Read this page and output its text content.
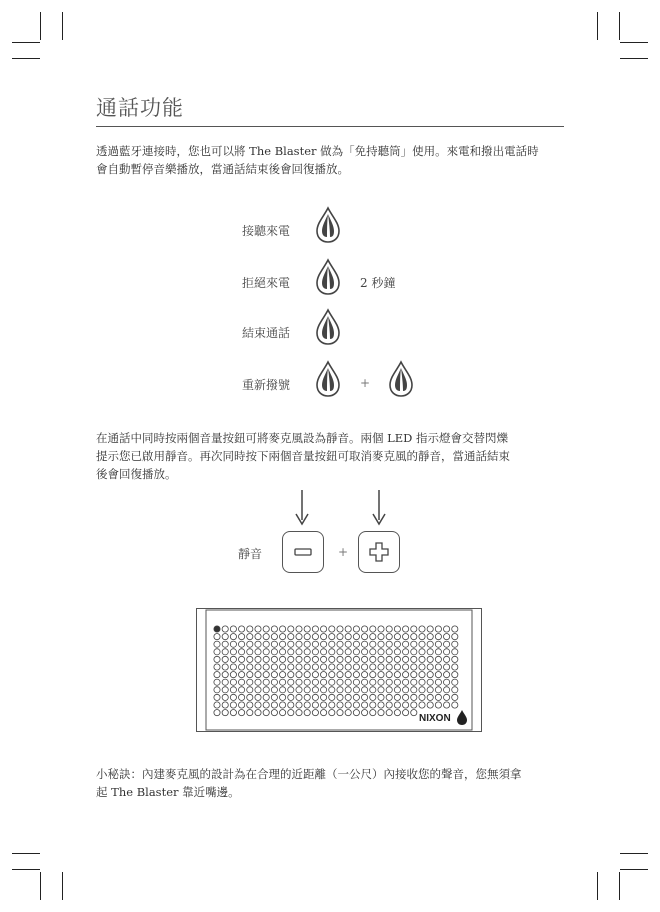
通話功能
透過藍牙連接時，您也可以將 The Blaster 做為「免持聽筒」使用。來電和撥出電話時
會自動暫停音樂播放，當通話結束後會回復播放。
接聽來電
拒絕來電	2 秒鐘
結束通話
重新撥號	+
在通話中同時按兩個音量按鈕可將麥克風設為靜音。兩個 LED 指示燈會交替閃爍
提示您已啟用靜音。再次同時按下兩個音量按鈕可取消麥克風的靜音，當通話結束
後會回復播放。
靜音	+
NIXON
小秘訣：內建麥克風的設計為在合理的近距離（一公尺）內接收您的聲音，您無須拿
起 The Blaster 靠近嘴邊。
